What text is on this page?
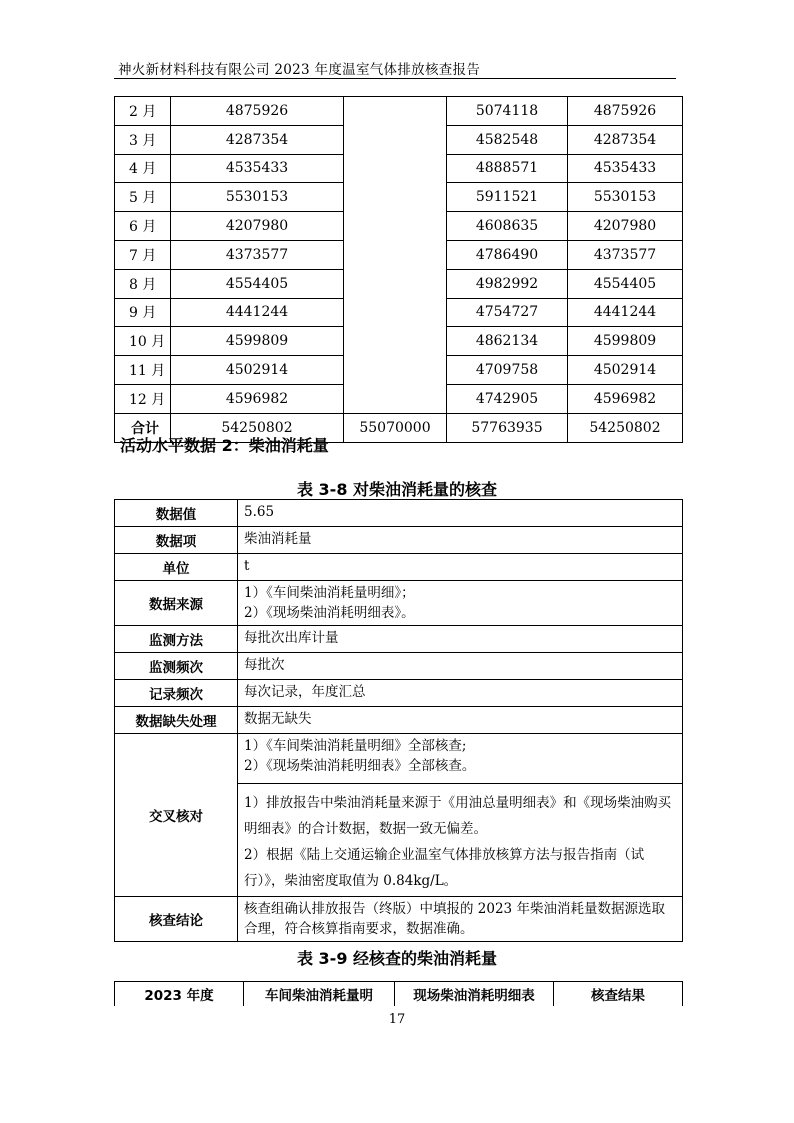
神火新材料科技有限公司 2023 年度温室气体排放核查报告
2 月	4875926		5074118	4875926
3 月	4287354		4582548	4287354
4 月	4535433		4888571	4535433
5 月	5530153		5911521	5530153
6 月	4207980		4608635	4207980
7 月	4373577		4786490	4373577
8 月	4554405		4982992	4554405
9 月	4441244		4754727	4441244
10 月	4599809		4862134	4599809
11 月	4502914		4709758	4502914
12 月	4596982		4742905	4596982
合计	54250802	55070000	57763935	54250802
活动水平数据 2：柴油消耗量
表 3-8 对柴油消耗量的核查
数据值	5.65
数据项	柴油消耗量
单位	t
数据来源	1）《车间柴油消耗量明细》；
2）《现场柴油消耗明细表》。

监测方法	每批次出库计量
监测频次	每批次
记录频次	每次记录，年度汇总
数据缺失处理	数据无缺失
交叉核对	1）《车间柴油消耗量明细》全部核查;
2）《现场柴油消耗明细表》全部核查。

	1）排放报告中柴油消耗量来源于《用油总量明细表》和《现场柴油购买明细表》的合计数据，数据一致无偏差。
2）根据《陆上交通运输企业温室气体排放核算方法与报告指南（试行）》，柴油密度取值为 0.84kg/L。

核查结论	核查组确认排放报告（终版）中填报的 2023 年柴油消耗量数据源选取合理，符合核算指南要求，数据准确。
表 3-9 经核查的柴油消耗量
2023 年度	车间柴油消耗量明	现场柴油消耗明细表	核查结果
17
